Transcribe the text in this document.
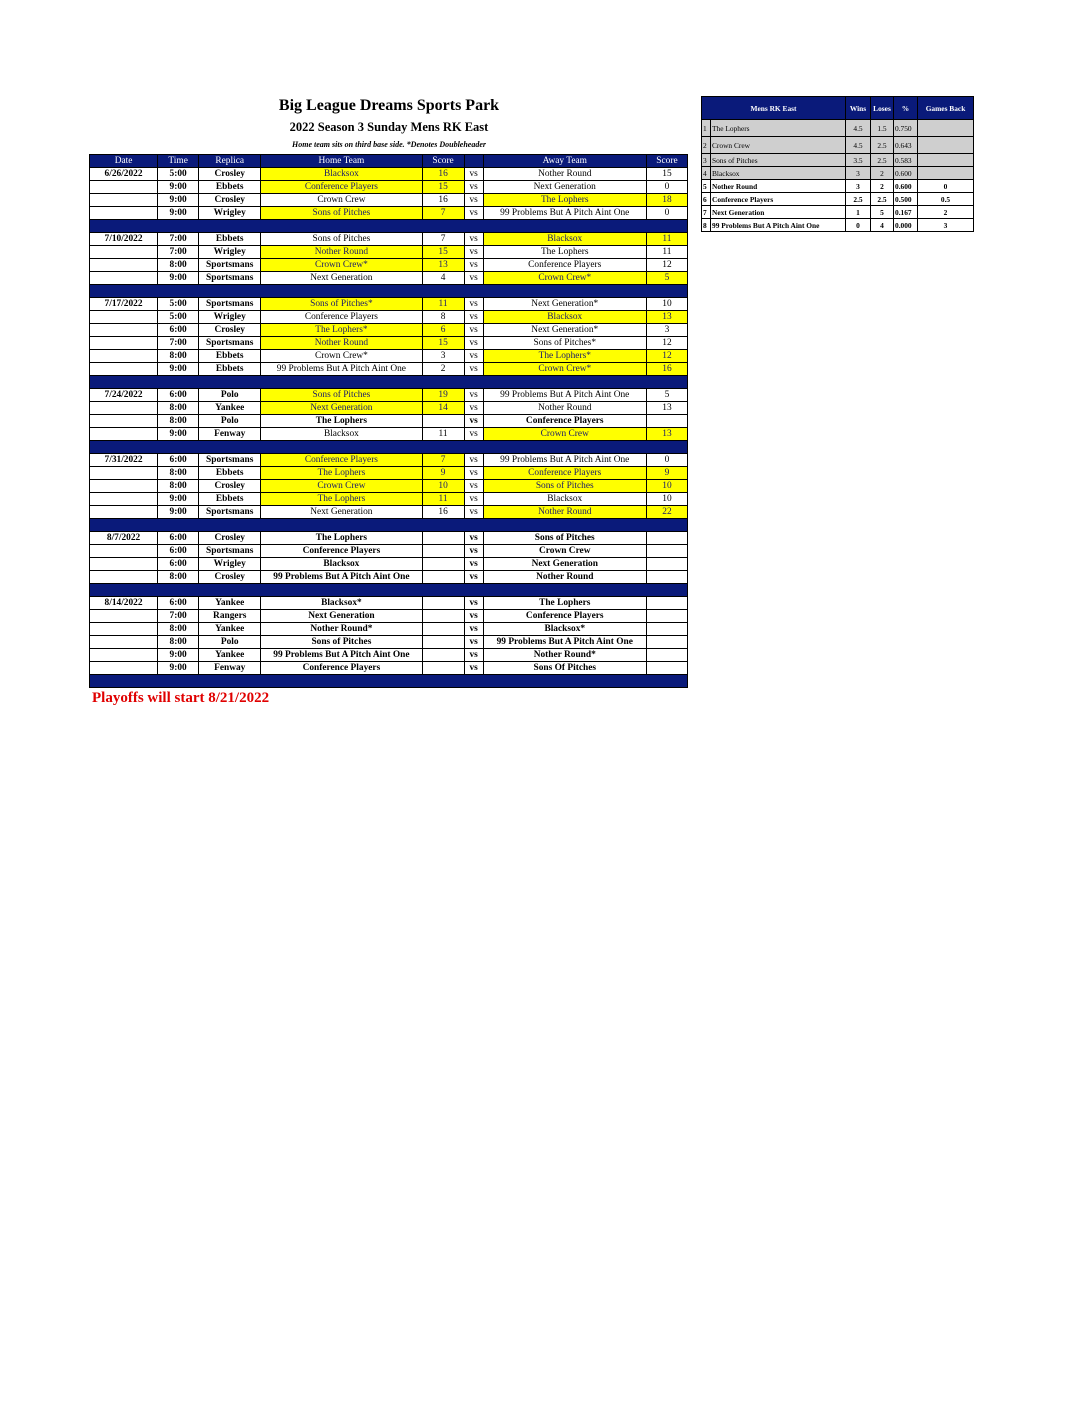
Big League Dreams Sports Park
2022 Season 3 Sunday Mens RK East
Home team sits on third base side. *Denotes Doubleheader
Date	Time	Replica	Home Team	Score		Away Team	Score
6/26/2022	5:00	Crosley	Blacksox	16	vs	Nother Round	15
	9:00	Ebbets	Conference Players	15	vs	Next Generation	0
	9:00	Crosley	Crown Crew	16	vs	The Lophers	18
	9:00	Wrigley	Sons of Pitches	7	vs	99 Problems But A Pitch Aint One	0

7/10/2022	7:00	Ebbets	Sons of Pitches	7	vs	Blacksox	11
	7:00	Wrigley	Nother Round	15	vs	The Lophers	11
	8:00	Sportsmans	Crown Crew*	13	vs	Conference Players	12
	9:00	Sportsmans	Next Generation	4	vs	Crown Crew*	5

7/17/2022	5:00	Sportsmans	Sons of Pitches*	11	vs	Next Generation*	10
	5:00	Wrigley	Conference Players	8	vs	Blacksox	13
	6:00	Crosley	The Lophers*	6	vs	Next Generation*	3
	7:00	Sportsmans	Nother Round	15	vs	Sons of Pitches*	12
	8:00	Ebbets	Crown Crew*	3	vs	The Lophers*	12
	9:00	Ebbets	99 Problems But A Pitch Aint One	2	vs	Crown Crew*	16

7/24/2022	6:00	Polo	Sons of Pitches	19	vs	99 Problems But A Pitch Aint One	5
	8:00	Yankee	Next Generation	14	vs	Nother Round	13
	8:00	Polo	The Lophers		vs	Conference Players	
	9:00	Fenway	Blacksox	11	vs	Crown Crew	13

7/31/2022	6:00	Sportsmans	Conference Players	7	vs	99 Problems But A Pitch Aint One	0
	8:00	Ebbets	The Lophers	9	vs	Conference Players	9
	8:00	Crosley	Crown Crew	10	vs	Sons of Pitches	10
	9:00	Ebbets	The Lophers	11	vs	Blacksox	10
	9:00	Sportsmans	Next Generation	16	vs	Nother Round	22

8/7/2022	6:00	Crosley	The Lophers		vs	Sons of Pitches	
	6:00	Sportsmans	Conference Players		vs	Crown Crew	
	6:00	Wrigley	Blacksox		vs	Next Generation	
	8:00	Crosley	99 Problems But A Pitch Aint One		vs	Nother Round	

8/14/2022	6:00	Yankee	Blacksox*		vs	The Lophers	
	7:00	Rangers	Next Generation		vs	Conference Players	
	8:00	Yankee	Nother Round*		vs	Blacksox*	
	8:00	Polo	Sons of Pitches		vs	99 Problems But A Pitch Aint One	
	9:00	Yankee	99 Problems But A Pitch Aint One		vs	Nother Round*	
	9:00	Fenway	Conference Players		vs	Sons Of Pitches	

Mens RK East		Wins	Loses	%	Games Back
1	The Lophers	4.5	1.5	0.750	
2	Crown Crew	4.5	2.5	0.643	
3	Sons of Pitches	3.5	2.5	0.583	
4	Blacksox	3	2	0.600	
5	Nother Round	3	2	0.600	0
6	Conference Players	2.5	2.5	0.500	0.5
7	Next Generation	1	5	0.167	2
8	99 Problems But A Pitch Aint One	0	4	0.000	3
Playoffs will start 8/21/2022
